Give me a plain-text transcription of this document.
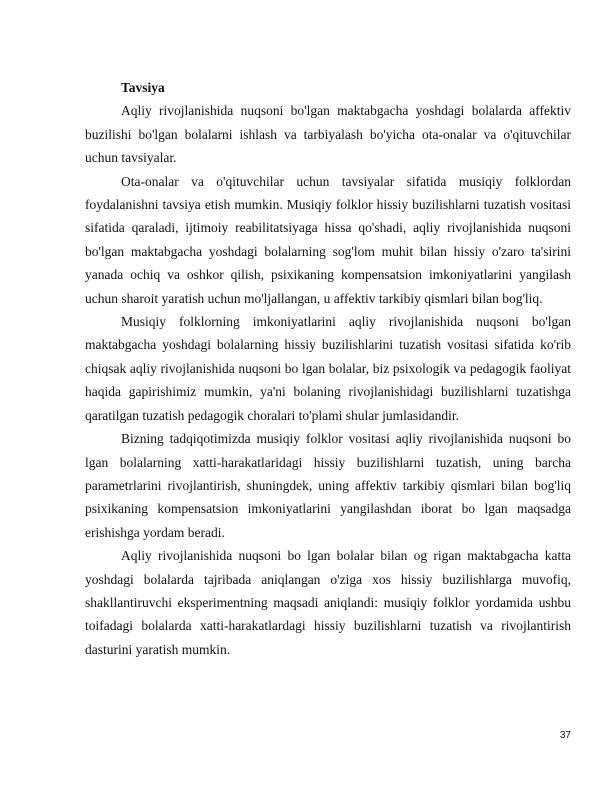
Tavsiya

Aqliy rivojlanishida nuqsoni bo'lgan maktabgacha yoshdagi bolalarda affektiv buzilishi bo'lgan bolalarni ishlash va tarbiyalash bo'yicha ota-onalar va o'qituvchilar uchun tavsiyalar.

Ota-onalar va o'qituvchilar uchun tavsiyalar sifatida musiqiy folklordan foydalanishni tavsiya etish mumkin. Musiqiy folklor hissiy buzilishlarni tuzatish vositasi sifatida qaraladi, ijtimoiy reabilitatsiyaga hissa qo'shadi, aqliy rivojlanishida nuqsoni bo'lgan maktabgacha yoshdagi bolalarning sog'lom muhit bilan hissiy o'zaro ta'sirini yanada ochiq va oshkor qilish, psixikaning kompensatsion imkoniyatlarini yangilash uchun sharoit yaratish uchun mo'ljallangan, u affektiv tarkibiy qismlari bilan bog'liq.

Musiqiy folklorning imkoniyatlarini aqliy rivojlanishida nuqsoni bo'lgan maktabgacha yoshdagi bolalarning hissiy buzilishlarini tuzatish vositasi sifatida ko'rib chiqsak aqliy rivojlanishida nuqsoni bo lgan bolalar, biz psixologik va pedagogik faoliyat haqida gapirishimiz mumkin, ya'ni bolaning rivojlanishidagi buzilishlarni tuzatishga qaratilgan tuzatish pedagogik choralari to'plami shular jumlasidandir.

Bizning tadqiqotimizda musiqiy folklor vositasi aqliy rivojlanishida nuqsoni bo lgan bolalarning xatti-harakatlaridagi hissiy buzilishlarni tuzatish, uning barcha parametrlarini rivojlantirish, shuningdek, uning affektiv tarkibiy qismlari bilan bog'liq psixikaning kompensatsion imkoniyatlarini yangilashdan iborat bo lgan maqsadga erishishga yordam beradi.

Aqliy rivojlanishida nuqsoni bo lgan bolalar bilan og rigan maktabgacha katta yoshdagi bolalarda tajribada aniqlangan o'ziga xos hissiy buzilishlarga muvofiq, shakllantiruvchi eksperimentning maqsadi aniqlandi: musiqiy folklor yordamida ushbu toifadagi bolalarda xatti-harakatlardagi hissiy buzilishlarni tuzatish va rivojlantirish dasturini yaratish mumkin.

37
